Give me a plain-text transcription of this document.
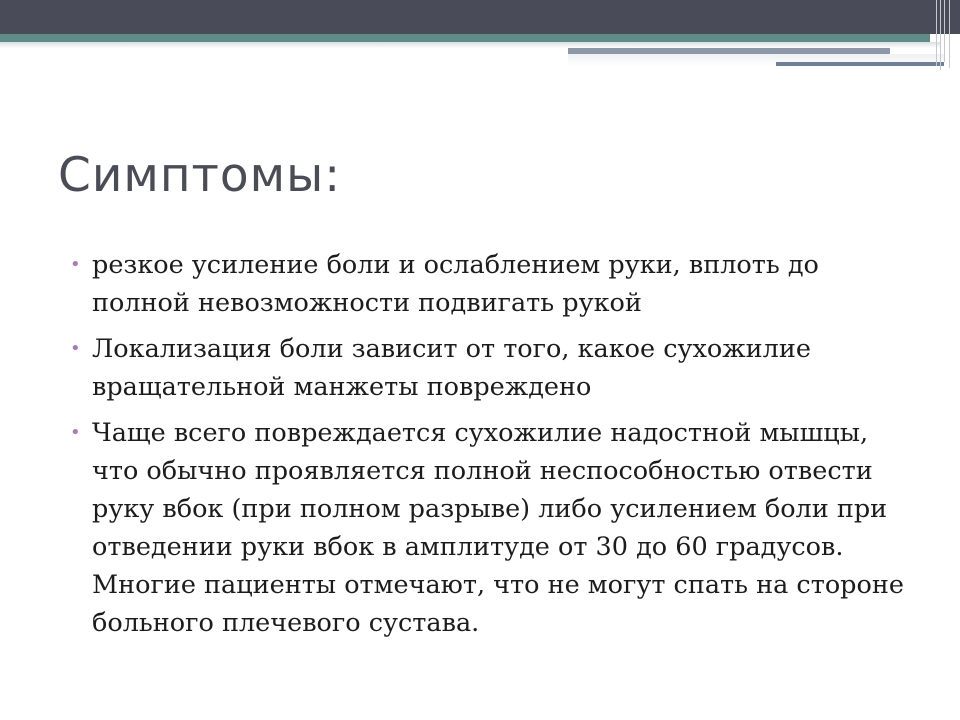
Симптомы:
• резкое усиление боли и ослаблением руки, вплоть до полной невозможности подвигать рукой
• Локализация боли зависит от того, какое сухожилие вращательной манжеты повреждено
• Чаще всего повреждается сухожилие надостной мышцы, что обычно проявляется полной неспособностью отвести руку вбок (при полном разрыве) либо усилением боли при отведении руки вбок в амплитуде от 30 до 60 градусов. Многие пациенты отмечают, что не могут спать на стороне больного плечевого сустава.
